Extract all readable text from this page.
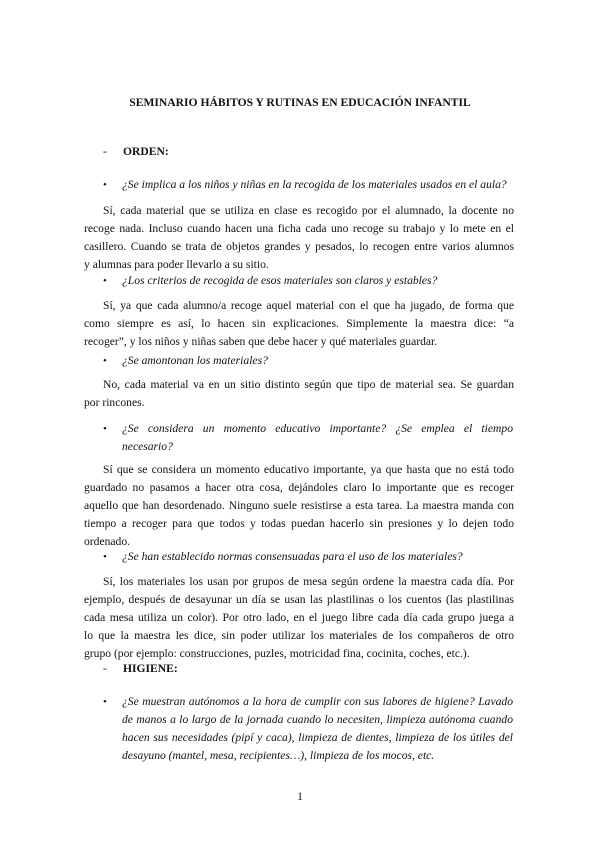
SEMINARIO HÁBITOS Y RUTINAS EN EDUCACIÓN INFANTIL
- ORDEN:
• ¿Se implica a los niños y niñas en la recogida de los materiales usados en el aula?
Sí, cada material que se utiliza en clase es recogido por el alumnado, la docente no
recoge nada. Incluso cuando hacen una ficha cada uno recoge su trabajo y lo mete en el
casillero. Cuando se trata de objetos grandes y pesados, lo recogen entre varios alumnos
y alumnas para poder llevarlo a su sitio.
• ¿Los criterios de recogida de esos materiales son claros y estables?
Sí, ya que cada alumno/a recoge aquel material con el que ha jugado, de forma que
como siempre es así, lo hacen sin explicaciones. Simplemente la maestra dice: “a
recoger”, y los niños y niñas saben que debe hacer y qué materiales guardar.
• ¿Se amontonan los materiales?
No, cada material va en un sitio distinto según que tipo de material sea. Se guardan
por rincones.
• ¿Se considera un momento educativo importante? ¿Se emplea el tiempo
necesario?
Sí que se considera un momento educativo importante, ya que hasta que no está todo
guardado no pasamos a hacer otra cosa, dejándoles claro lo importante que es recoger
aquello que han desordenado. Ninguno suele resistirse a esta tarea. La maestra manda con
tiempo a recoger para que todos y todas puedan hacerlo sin presiones y lo dejen todo
ordenado.
• ¿Se han establecido normas consensuadas para el uso de los materiales?
Sí, los materiales los usan por grupos de mesa según ordene la maestra cada día. Por
ejemplo, después de desayunar un día se usan las plastilinas o los cuentos (las plastilinas
cada mesa utiliza un color). Por otro lado, en el juego libre cada día cada grupo juega a
lo que la maestra les dice, sin poder utilizar los materiales de los compañeros de otro
grupo (por ejemplo: construcciones, puzles, motricidad fina, cocinita, coches, etc.).
- HIGIENE:
• ¿Se muestran autónomos a la hora de cumplir con sus labores de higiene? Lavado
de manos a lo largo de la jornada cuando lo necesiten, limpieza autónoma cuando
hacen sus necesidades (pipí y caca), limpieza de dientes, limpieza de los útiles del
desayuno (mantel, mesa, recipientes…), limpieza de los mocos, etc.
1
